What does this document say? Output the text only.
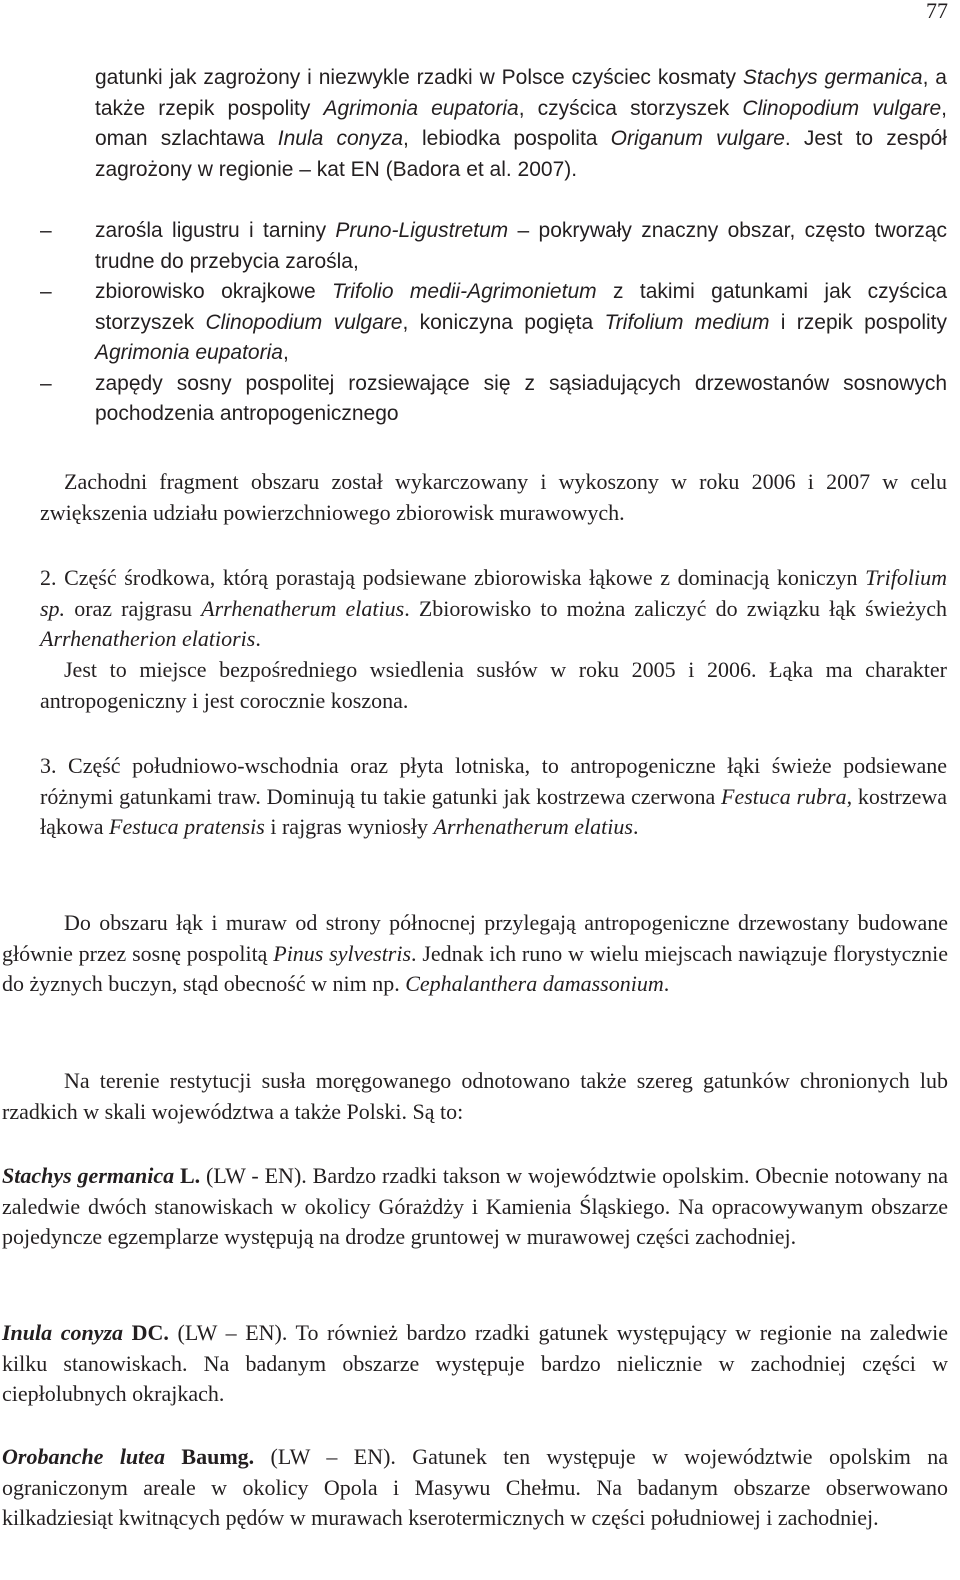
77

gatunki jak zagrożony i niezwykle rzadki w Polsce czyściec kosmaty Stachys germanica, a także rzepik pospolity Agrimonia eupatoria, czyścica storzyszek Clinopodium vulgare, oman szlachtawa Inula conyza, lebiodka pospolita Origanum vulgare. Jest to zespół zagrożony w regionie – kat EN (Badora et al. 2007).

– zarośla ligustru i tarniny Pruno-Ligustretum – pokrywały znaczny obszar, często tworząc trudne do przebycia zarośla,
– zbiorowisko okrajkowe Trifolio medii-Agrimonietum z takimi gatunkami jak czyścica storzyszek Clinopodium vulgare, koniczyna pogięta Trifolium medium i rzepik pospolity Agrimonia eupatoria,
– zapędy sosny pospolitej rozsiewające się z sąsiadujących drzewostanów sosnowych pochodzenia antropogenicznego

Zachodni fragment obszaru został wykarczowany i wykoszony w roku 2006 i 2007 w celu zwiększenia udziału powierzchniowego zbiorowisk murawowych.

2. Część środkowa, którą porastają podsiewane zbiorowiska łąkowe z dominacją koniczyn Trifolium sp. oraz rajgrasu Arrhenatherum elatius. Zbiorowisko to można zaliczyć do związku łąk świeżych Arrhenatherion elatioris.

Jest to miejsce bezpośredniego wsiedlenia susłów w roku 2005 i 2006. Łąka ma charakter antropogeniczny i jest corocznie koszona.

3. Część południowo-wschodnia oraz płyta lotniska, to antropogeniczne łąki świeże podsiewane różnymi gatunkami traw. Dominują tu takie gatunki jak kostrzewa czerwona Festuca rubra, kostrzewa łąkowa Festuca pratensis i rajgras wyniosły Arrhenatherum elatius.

Do obszaru łąk i muraw od strony północnej przylegają antropogeniczne drzewostany budowane głównie przez sosnę pospolitą Pinus sylvestris. Jednak ich runo w wielu miejscach nawiązuje florystycznie do żyznych buczyn, stąd obecność w nim np. Cephalanthera damassonium.

Na terenie restytucji susła moręgowanego odnotowano także szereg gatunków chronionych lub rzadkich w skali województwa a także Polski. Są to:

Stachys germanica L. (LW - EN). Bardzo rzadki takson w województwie opolskim. Obecnie notowany na zaledwie dwóch stanowiskach w okolicy Górażdży i Kamienia Śląskiego. Na opracowywanym obszarze pojedyncze egzemplarze występują na drodze gruntowej w murawowej części zachodniej.

Inula conyza DC. (LW – EN). To również bardzo rzadki gatunek występujący w regionie na zaledwie kilku stanowiskach. Na badanym obszarze występuje bardzo nielicznie w zachodniej części w ciepłolubnych okrajkach.

Orobanche lutea Baumg. (LW – EN). Gatunek ten występuje w województwie opolskim na ograniczonym areale w okolicy Opola i Masywu Chełmu. Na badanym obszarze obserwowano kilkadziesiąt kwitnących pędów w murawach kserotermicznych w części południowej i zachodniej.
